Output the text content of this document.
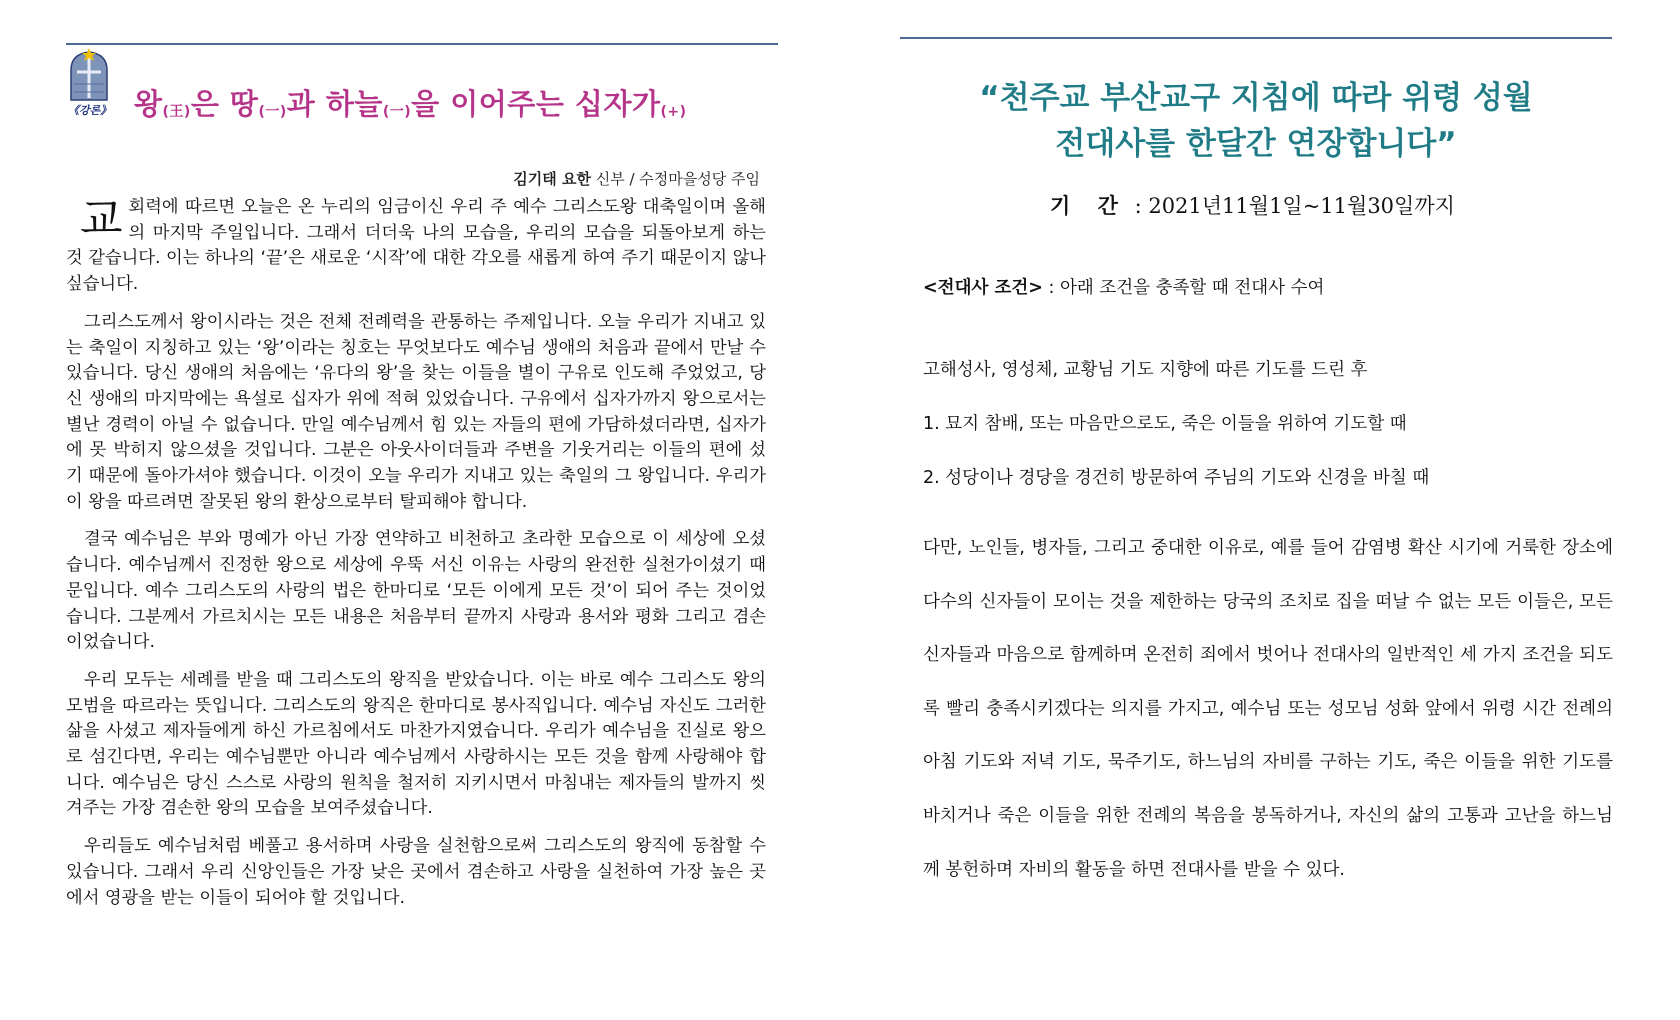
《강론》 왕(王)은 땅(一)과 하늘(一)을 이어주는 십자가(+)
김기태 요한 신부 / 수정마을성당 주임

교회력에 따르면 오늘은 온 누리의 임금이신 우리 주 예수 그리스도왕 대축일이며 올해의 마지막 주일입니다. 그래서 더더욱 나의 모습을, 우리의 모습을 되돌아보게 하는 것 같습니다. 이는 하나의 ‘끝’은 새로운 ‘시작’에 대한 각오를 새롭게 하여 주기 때문이지 않나 싶습니다.

그리스도께서 왕이시라는 것은 전체 전례력을 관통하는 주제입니다. 오늘 우리가 지내고 있는 축일이 지칭하고 있는 ‘왕’이라는 칭호는 무엇보다도 예수님 생애의 처음과 끝에서 만날 수 있습니다. 당신 생애의 처음에는 ‘유다의 왕’을 찾는 이들을 별이 구유로 인도해 주었었고, 당신 생애의 마지막에는 욕설로 십자가 위에 적혀 있었습니다. 구유에서 십자가까지 왕으로서는 별난 경력이 아닐 수 없습니다. 만일 예수님께서 힘 있는 자들의 편에 가담하셨더라면, 십자가에 못 박히지 않으셨을 것입니다. 그분은 아웃사이더들과 주변을 기웃거리는 이들의 편에 섰기 때문에 돌아가셔야 했습니다. 이것이 오늘 우리가 지내고 있는 축일의 그 왕입니다. 우리가 이 왕을 따르려면 잘못된 왕의 환상으로부터 탈피해야 합니다.

결국 예수님은 부와 명예가 아닌 가장 연약하고 비천하고 초라한 모습으로 이 세상에 오셨습니다. 예수님께서 진정한 왕으로 세상에 우뚝 서신 이유는 사랑의 완전한 실천가이셨기 때문입니다. 예수 그리스도의 사랑의 법은 한마디로 ‘모든 이에게 모든 것’이 되어 주는 것이었습니다. 그분께서 가르치시는 모든 내용은 처음부터 끝까지 사랑과 용서와 평화 그리고 겸손이었습니다.

우리 모두는 세례를 받을 때 그리스도의 왕직을 받았습니다. 이는 바로 예수 그리스도 왕의 모범을 따르라는 뜻입니다. 그리스도의 왕직은 한마디로 봉사직입니다. 예수님 자신도 그러한 삶을 사셨고 제자들에게 하신 가르침에서도 마찬가지였습니다. 우리가 예수님을 진실로 왕으로 섬긴다면, 우리는 예수님뿐만 아니라 예수님께서 사랑하시는 모든 것을 함께 사랑해야 합니다. 예수님은 당신 스스로 사랑의 원칙을 철저히 지키시면서 마침내는 제자들의 발까지 씻겨주는 가장 겸손한 왕의 모습을 보여주셨습니다.

우리들도 예수님처럼 베풀고 용서하며 사랑을 실천함으로써 그리스도의 왕직에 동참할 수 있습니다. 그래서 우리 신앙인들은 가장 낮은 곳에서 겸손하고 사랑을 실천하여 가장 높은 곳에서 영광을 받는 이들이 되어야 할 것입니다.

“천주교 부산교구 지침에 따라 위령 성월
전대사를 한달간 연장합니다”
기 간 : 2021년11월1일~11월30일까지
<전대사 조건> : 아래 조건을 충족할 때 전대사 수여
고해성사, 영성체, 교황님 기도 지향에 따른 기도를 드린 후
1. 묘지 참배, 또는 마음만으로도, 죽은 이들을 위하여 기도할 때
2. 성당이나 경당을 경건히 방문하여 주님의 기도와 신경을 바칠 때
다만, 노인들, 병자들, 그리고 중대한 이유로, 예를 들어 감염병 확산 시기에 거룩한 장소에 다수의 신자들이 모이는 것을 제한하는 당국의 조치로 집을 떠날 수 없는 모든 이들은, 모든 신자들과 마음으로 함께하며 온전히 죄에서 벗어나 전대사의 일반적인 세 가지 조건을 되도록 빨리 충족시키겠다는 의지를 가지고, 예수님 또는 성모님 성화 앞에서 위령 시간 전례의 아침 기도와 저녁 기도, 묵주기도, 하느님의 자비를 구하는 기도, 죽은 이들을 위한 기도를 바치거나 죽은 이들을 위한 전례의 복음을 봉독하거나, 자신의 삶의 고통과 고난을 하느님께 봉헌하며 자비의 활동을 하면 전대사를 받을 수 있다.
